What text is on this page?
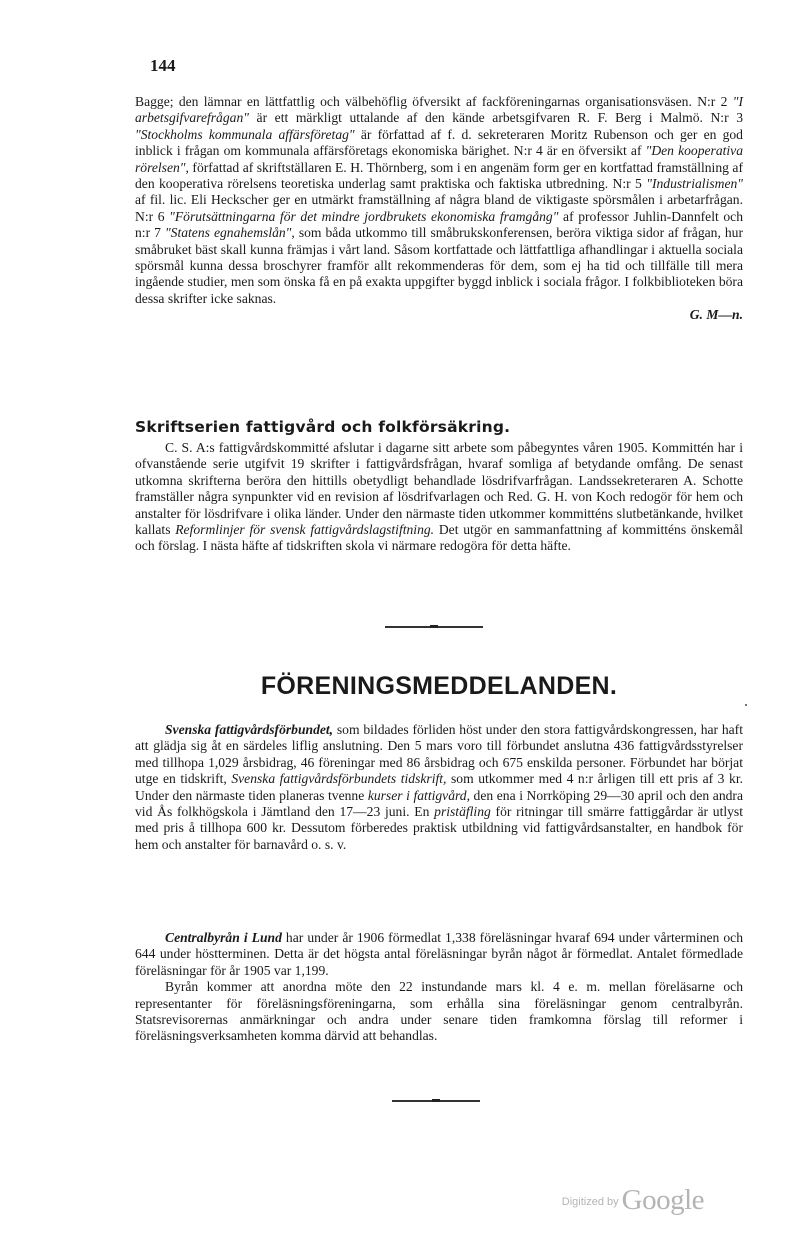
144

Bagge; den lämnar en lättfattlig och välbehöflig öfversikt af fackföreningarnas organisationsväsen. N:r 2 "I arbetsgifvarefrågan" är ett märkligt uttalande af den kände arbetsgifvaren R. F. Berg i Malmö. N:r 3 "Stockholms kommunala affärsföretag" är författad af f. d. sekreteraren Moritz Rubenson och ger en god inblick i frågan om kommunala affärsföretags ekonomiska bärighet. N:r 4 är en öfversikt af "Den kooperativa rörelsen", författad af skriftställaren E. H. Thörnberg, som i en angenäm form ger en kortfattad framställning af den kooperativa rörelsens teoretiska underlag samt praktiska och faktiska utbredning. N:r 5 "Industrialismen" af fil. lic. Eli Heckscher ger en utmärkt framställning af några bland de viktigaste spörsmålen i arbetarfrågan. N:r 6 "Förutsättningarna för det mindre jordbrukets ekonomiska framgång" af professor Juhlin-Dannfelt och n:r 7 "Statens egnahemslån", som båda utkommo till småbrukskonferensen, beröra viktiga sidor af frågan, hur småbruket bäst skall kunna främjas i vårt land. Såsom kortfattade och lättfattliga afhandlingar i aktuella sociala spörsmål kunna dessa broschyrer framför allt rekommenderas för dem, som ej ha tid och tillfälle till mera ingående studier, men som önska få en på exakta uppgifter byggd inblick i sociala frågor. I folkbiblioteken böra dessa skrifter icke saknas.

G. M—n.

Skriftserien fattigvård och folkförsäkring.

C. S. A:s fattigvårdskommitté afslutar i dagarne sitt arbete som påbegyntes våren 1905. Kommittén har i ofvanstående serie utgifvit 19 skrifter i fattigvårdsfrågan, hvaraf somliga af betydande omfång. De senast utkomna skrifterna beröra den hittills obetydligt behandlade lösdrifvarfrågan. Landssekreteraren A. Schotte framställer några synpunkter vid en revision af lösdrifvarlagen och Red. G. H. von Koch redogör för hem och anstalter för lösdrifvare i olika länder. Under den närmaste tiden utkommer kommitténs slutbetänkande, hvilket kallats Reformlinjer för svensk fattigvårdslagstiftning. Det utgör en sammanfattning af kommitténs önskemål och förslag. I nästa häfte af tidskriften skola vi närmare redogöra för detta häfte.

FÖRENINGSMEDDELANDEN.

Svenska fattigvårdsförbundet, som bildades förliden höst under den stora fattigvårdskongressen, har haft att glädja sig åt en särdeles liflig anslutning. Den 5 mars voro till förbundet anslutna 436 fattigvårdsstyrelser med tillhopa 1,029 årsbidrag, 46 föreningar med 86 årsbidrag och 675 enskilda personer. Förbundet har börjat utge en tidskrift, Svenska fattigvårdsförbundets tidskrift, som utkommer med 4 n:r årligen till ett pris af 3 kr. Under den närmaste tiden planeras tvenne kurser i fattigvård, den ena i Norrköping 29—30 april och den andra vid Ås folkhögskola i Jämtland den 17—23 juni. En pristäfling för ritningar till smärre fattiggårdar är utlyst med pris å tillhopa 600 kr. Dessutom förberedes praktisk utbildning vid fattigvårdsanstalter, en handbok för hem och anstalter för barnavård o. s. v.

Centralbyrån i Lund har under år 1906 förmedlat 1,338 föreläsningar hvaraf 694 under vårterminen och 644 under höstterminen. Detta är det högsta antal föreläsningar byrån något år förmedlat. Antalet förmedlade föreläsningar för år 1905 var 1,199.

Byrån kommer att anordna möte den 22 instundande mars kl. 4 e. m. mellan föreläsarne och representanter för föreläsningsföreningarna, som erhålla sina föreläsningar genom centralbyrån. Statsrevisorernas anmärkningar och andra under senare tiden framkomna förslag till reformer i föreläsningsverksamheten komma därvid att behandlas.

$^{Digitized by}$ Google
